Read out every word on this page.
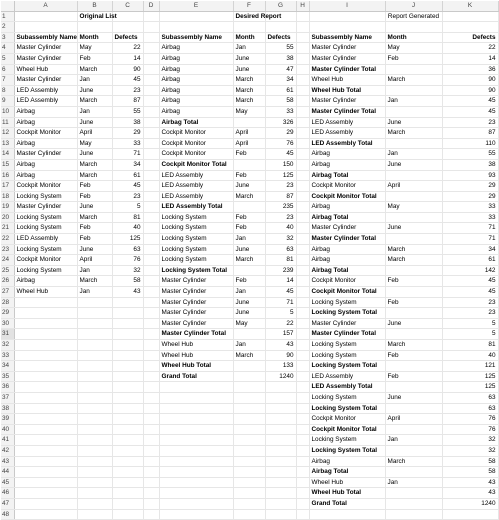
	A	B	C	D	E	F	G	H	I	J	K
1		Original List				Desired Report				Report Generated	
2											
3	Subassembly Name	Month	Defects		Subassembly Name	Month	Defects		Subassembly Name	Month	Defects
4	Master Cylinder	May	22		Airbag	Jan	55		Master Cylinder	May	22
5	Master Cylinder	Feb	14		Airbag	June	38		Master Cylinder	Feb	14
6	Wheel Hub	March	90		Airbag	June	47		Master Cylinder Total		36
7	Master Cylinder	Jan	45		Airbag	March	34		Wheel Hub	March	90
8	LED Assembly	June	23		Airbag	March	61		Wheel Hub Total		90
9	LED Assembly	March	87		Airbag	March	58		Master Cylinder	Jan	45
10	Airbag	Jan	55		Airbag	May	33		Master Cylinder Total		45
11	Airbag	June	38		Airbag Total		326		LED Assembly	June	23
12	Cockpit Monitor	April	29		Cockpit Monitor	April	29		LED Assembly	March	87
13	Airbag	May	33		Cockpit Monitor	April	76		LED Assembly Total		110
14	Master Cylinder	June	71		Cockpit Monitor	Feb	45		Airbag	Jan	55
15	Airbag	March	34		Cockpit Monitor Total		150		Airbag	June	38
16	Airbag	March	61		LED Assembly	Feb	125		Airbag Total		93
17	Cockpit Monitor	Feb	45		LED Assembly	June	23		Cockpit Monitor	April	29
18	Locking System	Feb	23		LED Assembly	March	87		Cockpit Monitor Total		29
19	Master Cylinder	June	5		LED Assembly Total		235		Airbag	May	33
20	Locking System	March	81		Locking System	Feb	23		Airbag Total		33
21	Locking System	Feb	40		Locking System	Feb	40		Master Cylinder	June	71
22	LED Assembly	Feb	125		Locking System	Jan	32		Master Cylinder Total		71
23	Locking System	June	63		Locking System	June	63		Airbag	March	34
24	Cockpit Monitor	April	76		Locking System	March	81		Airbag	March	61
25	Locking System	Jan	32		Locking System Total		239		Airbag Total		142
26	Airbag	March	58		Master Cylinder	Feb	14		Cockpit Monitor	Feb	45
27	Wheel Hub	Jan	43		Master Cylinder	Jan	45		Cockpit Monitor Total		45
28					Master Cylinder	June	71		Locking System	Feb	23
29					Master Cylinder	June	5		Locking System Total		23
30					Master Cylinder	May	22		Master Cylinder	June	5
31					Master Cylinder Total		157		Master Cylinder Total		5
32					Wheel Hub	Jan	43		Locking System	March	81
33					Wheel Hub	March	90		Locking System	Feb	40
34					Wheel Hub Total		133		Locking System Total		121
35					Grand Total		1240		LED Assembly	Feb	125
36									LED Assembly Total		125
37									Locking System	June	63
38									Locking System Total		63
39									Cockpit Monitor	April	76
40									Cockpit Monitor Total		76
41									Locking System	Jan	32
42									Locking System Total		32
43									Airbag	March	58
44									Airbag Total		58
45									Wheel Hub	Jan	43
46									Wheel Hub Total		43
47									Grand Total		1240
48											
